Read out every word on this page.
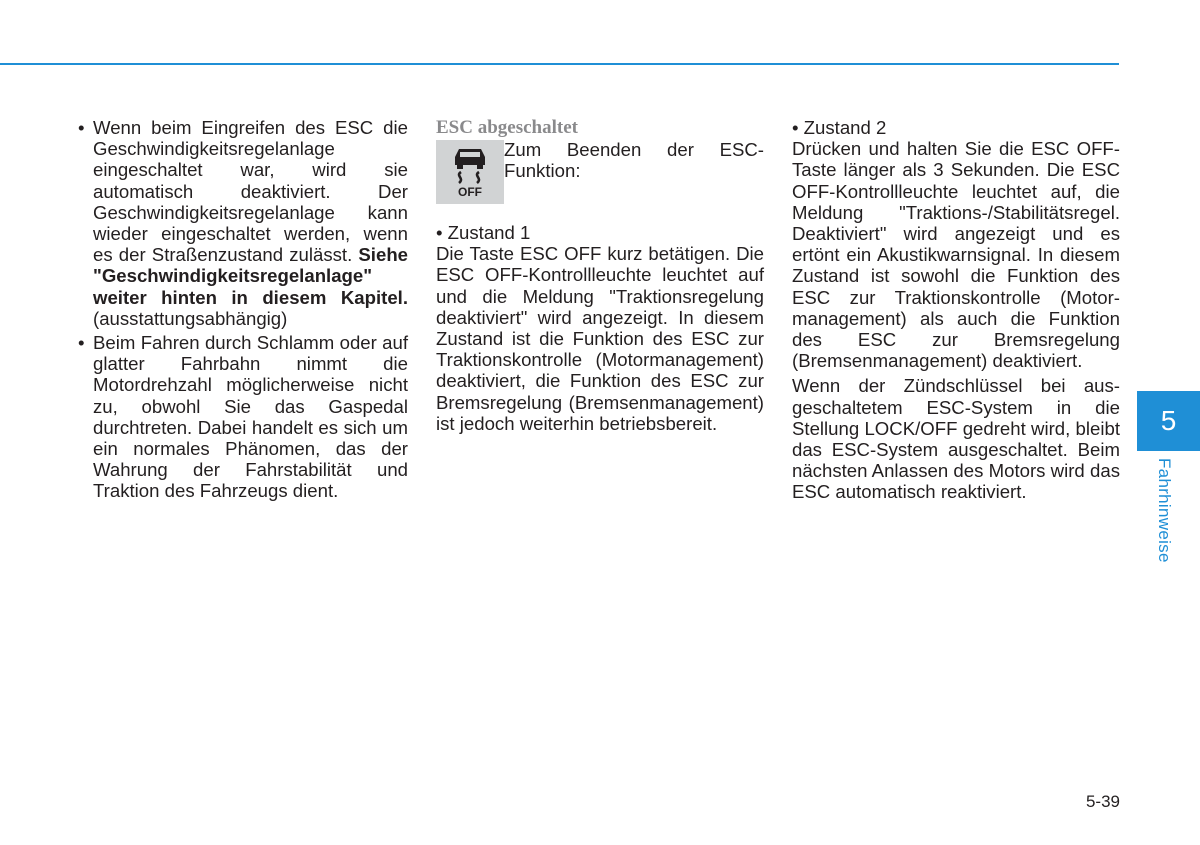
• Wenn beim Eingreifen des ESC die Geschwindigkeitsregelanlage eingeschaltet war, wird sie automatisch deaktiviert. Der Geschwindigkeitsregelanlage kann wieder eingeschaltet werden, wenn es der Straßenzustand zulässt. Siehe "Geschwindigkeitsregelanlage" weiter hinten in diesem Kapitel. (ausstattungsabhängig)

• Beim Fahren durch Schlamm oder auf glatter Fahrbahn nimmt die Motordrehzahl möglicherweise nicht zu, obwohl Sie das Gaspedal durchtreten. Dabei handelt es sich um ein normales Phänomen, das der Wahrung der Fahrstabilität und Traktion des Fahrzeugs dient.

ESC abgeschaltet

OFF

Zum Beenden der ESC-Funktion:

• Zustand 1

Die Taste ESC OFF kurz betätigen. Die ESC OFF-Kontrollleuchte leuchtet auf und die Meldung "Traktionsregelung deaktiviert" wird angezeigt. In diesem Zustand ist die Funktion des ESC zur Traktionskontrolle (Motormanagement) deaktiviert, die Funktion des ESC zur Bremsregelung (Bremsenmanagement) ist jedoch weiterhin betriebsbereit.

• Zustand 2

Drücken und halten Sie die ESC OFF-Taste länger als 3 Sekunden. Die ESC OFF-Kontrollleuchte leuchtet auf, die Meldung "Traktions-/Stabilitätsregel. Deaktiviert" wird angezeigt und es ertönt ein Akustikwarnsignal. In diesem Zustand ist sowohl die Funktion des ESC zur Traktionskontrolle (Motormanagement) als auch die Funktion des ESC zur Bremsregelung (Bremsenmanagement) deaktiviert.

Wenn der Zündschlüssel bei ausgeschaltetem ESC-System in die Stellung LOCK/OFF gedreht wird, bleibt das ESC-System ausgeschaltet. Beim nächsten Anlassen des Motors wird das ESC automatisch reaktiviert.

5
Fahrhinweise
5-39
